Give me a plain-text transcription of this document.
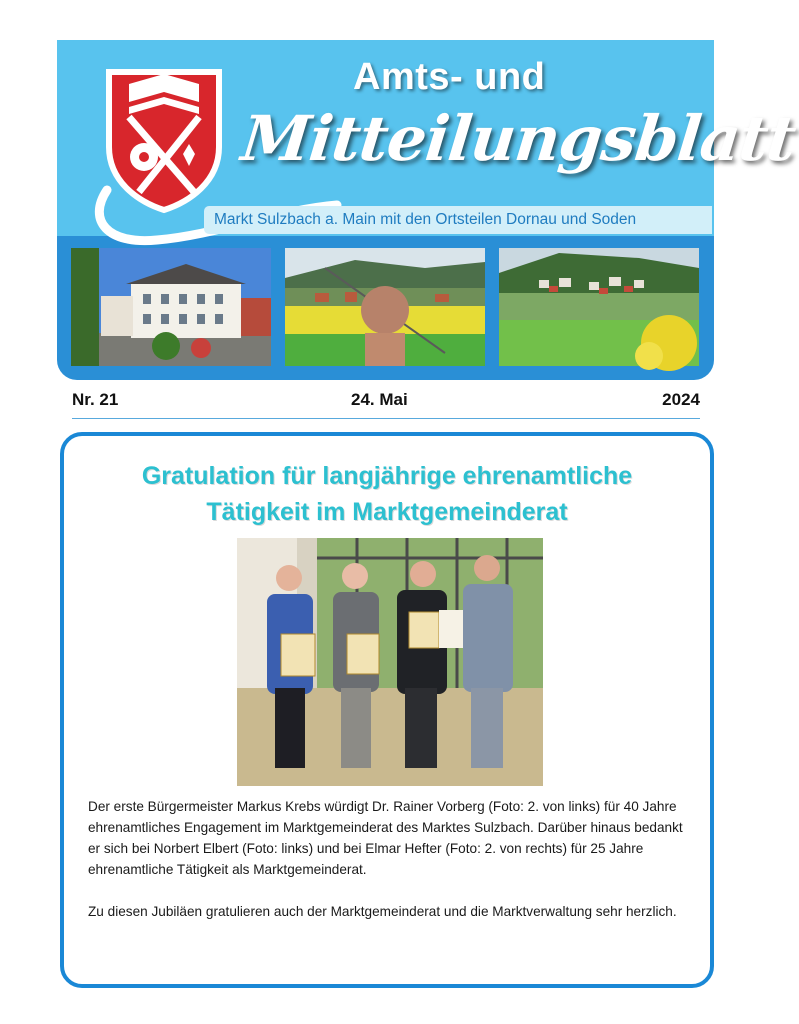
Amts- und
Mitteilungsblatt
Markt Sulzbach a. Main mit den Ortsteilen Dornau und Soden
Nr. 21	24. Mai	2024
Gratulation für langjährige ehrenamtliche
Tätigkeit im Marktgemeinderat

Der erste Bürgermeister Markus Krebs würdigt Dr. Rainer Vorberg (Foto: 2. von links) für 40 Jahre ehrenamtliches Engagement im Marktgemeinderat des Marktes Sulzbach. Darüber hinaus bedankt er sich bei Norbert Elbert (Foto: links) und bei Elmar Hefter (Foto: 2. von rechts) für 25 Jahre ehrenamtliche Tätigkeit als Marktgemeinderat.

Zu diesen Jubiläen gratulieren auch der Marktgemeinderat und die Marktverwaltung sehr herzlich.
